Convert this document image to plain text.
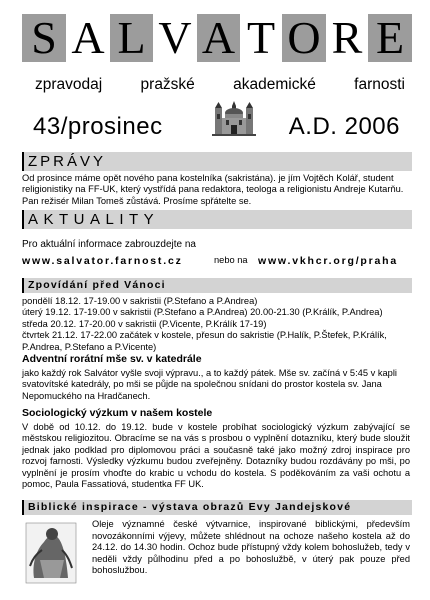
S A L V A T O R E
zpravodaj pražské akademické farnosti
43/prosinec	A.D. 2006
ZPRÁVY
Od prosince máme opět nového pana kostelníka (sakristána). je jím Vojtěch Kolář, student religionistiky na FF-UK, který vystřídá pana redaktora, teologa a religionistu Andreje Kutarňu. Pan režisér Milan Tomeš zůstává. Prosíme spřátelte se.
AKTUALITY
Pro aktuální informace zabrouzdejte na
www.salvator.farnost.cz	nebo na www.vkhcr.org/praha
Zpovídání před Vánoci
pondělí 18.12. 17-19.00 v sakristii (P.Stefano a P.Andrea)
úterý 19.12. 17-19.00 v sakristii (P.Stefano a P.Andrea) 20.00-21.30 (P.Králík, P.Andrea)
středa 20.12. 17-20.00 v sakristii (P.Vicente, P.Králík 17-19)
čtvrtek 21.12. 17-22.00 začátek v kostele, přesun do sakristie (P.Halík, P.Štefek, P.Králík, P.Andrea, P.Stefano a P.Vicente)
Adventní rorátní mše sv. v katedrále
jako každý rok Salvátor vyšle svoji výpravu., a to každý pátek. Mše sv. začíná v 5:45 v kapli svatovítské katedrály, po mši se půjde na společnou snídani do prostor kostela sv. Jana Nepomuckého na Hradčanech.
Sociologický výzkum v našem kostele
V době od 10.12. do 19.12. bude v kostele probíhat sociologický výzkum zabývající se městskou religiozitou. Obracíme se na vás s prosbou o vyplnění dotazníku, který bude sloužit jednak jako podklad pro diplomovou práci a současně také jako možný zdroj inspirace pro rozvoj farnosti. Výsledky výzkumu budou zveřejněny. Dotazníky budou rozdávány po mši, po vyplnění je prosím vhoďte do krabic u vchodu do kostela. S poděkováním za vaši ochotu a pomoc, Paula Fassatiová, studentka FF UK.
Biblické inspirace - výstava obrazů Evy Jandejskové
Oleje významné české výtvarnice, inspirované biblickými, především novozákonními výjevy, můžete shlédnout na ochoze našeho kostela až do 24.12. do 14.30 hodin. Ochoz bude přístupný vždy kolem bohoslužeb, tedy v neděli vždy půlhodinu před a po bohoslužbě, v úterý pak pouze před bohoslužbou.
